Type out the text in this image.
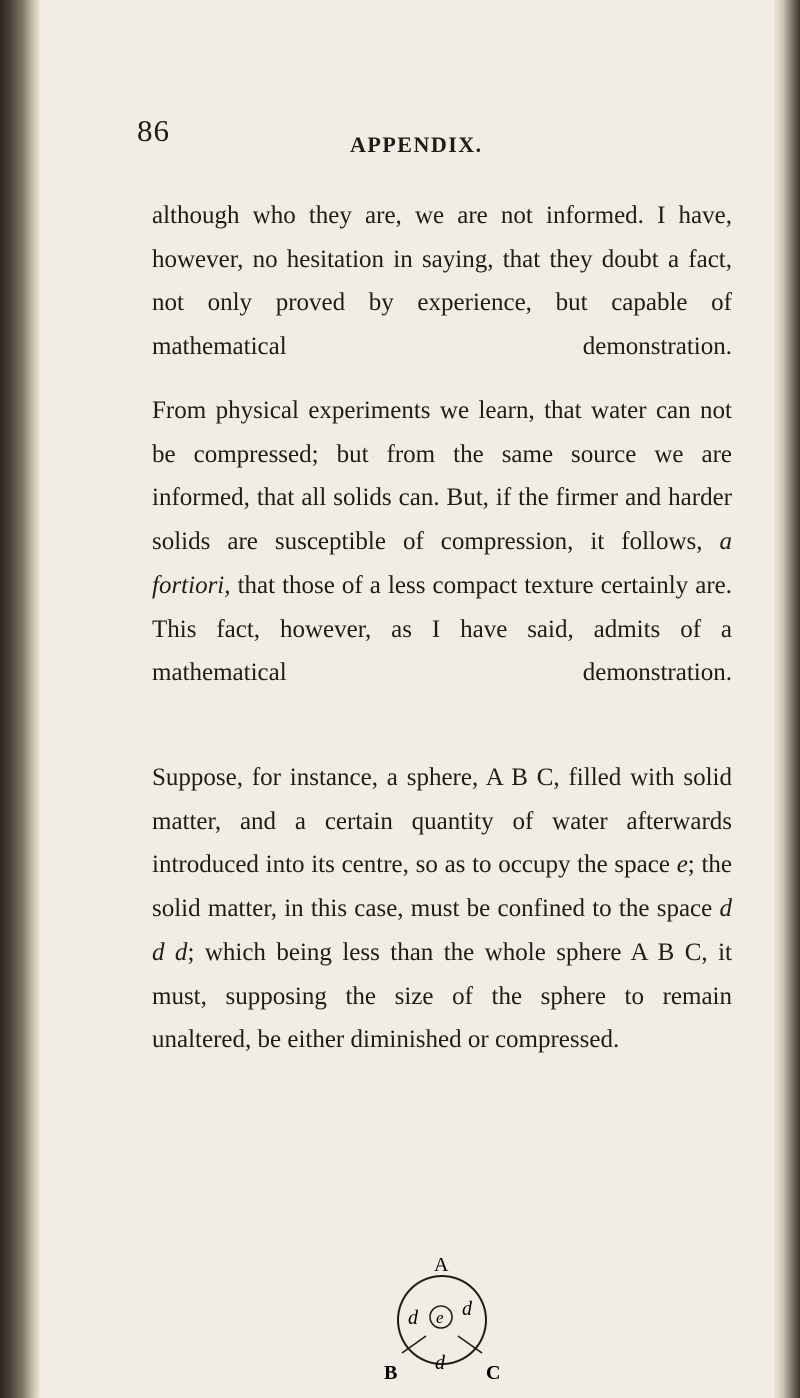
86	APPENDIX.
although who they are, we are not informed. I have, however, no hesitation in saying, that they doubt a fact, not only proved by experience, but capable of mathematical demonstration.
From physical experiments we learn, that water can not be compressed; but from the same source we are informed, that all solids can. But, if the firmer and harder solids are susceptible of compression, it follows, a fortiori, that those of a less compact texture certainly are. This fact, however, as I have said, admits of a mathematical demonstration.
Suppose, for instance, a sphere, A B C, filled with solid matter, and a certain quantity of water afterwards introduced into its centre, so as to occupy the space e; the solid matter, in this case, must be confined to the space d d d; which being less than the whole sphere A B C, it must, supposing the size of the sphere to remain unaltered, be either diminished or compressed.
A
B	C
d e d
d
